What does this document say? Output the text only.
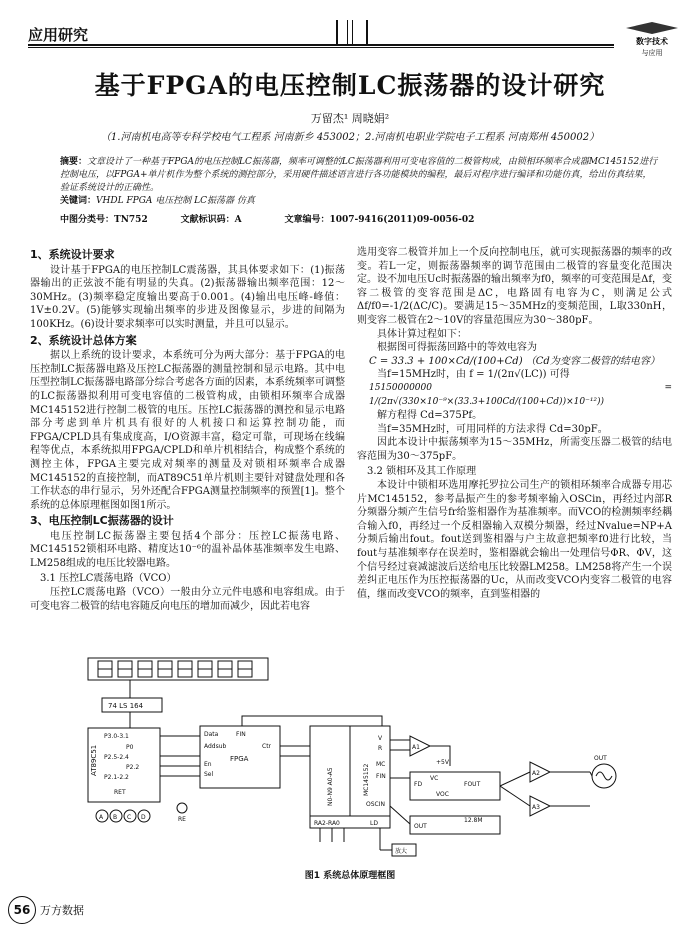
应用研究	数字技术
与应用
基于FPGA的电压控制LC振荡器的设计研究
万留杰¹ 周晓娟²
（1.河南机电高等专科学校电气工程系 河南新乡 453002；2.河南机电职业学院电子工程系 河南郑州 450002）
摘要：文章设计了一种基于FPGA的电压控制LC振荡器，频率可调整的LC振荡器利用可变电容值的二极管构成，由锁相环频率合成器MC145152进行控制电压，以FPGA+单片机作为整个系统的测控部分，采用硬件描述语言进行各功能模块的编程，最后对程序进行编译和功能仿真，给出仿真结果，验证系统设计的正确性。
关键词：VHDL FPGA 电压控制 LC振荡器 仿真
中图分类号：TN752	文献标识码：A	文章编号：1007-9416(2011)09-0056-02
1、系统设计要求

设计基于FPGA的电压控制LC震荡器，其具体要求如下：(1)振荡器输出的正弦波不能有明显的失真。(2)振荡器输出频率范围：12～30MHz。(3)频率稳定度输出要高于0.001。(4)输出电压峰-峰值：1V±0.2V。(5)能够实现输出频率的步进及图像显示，步进的间隔为100KHz。(6)设计要求频率可以实时测量，并且可以显示。

2、系统设计总体方案

据以上系统的设计要求，本系统可分为两大部分：基于FPGA的电压控制LC振荡器电路及压控LC振荡器的测量控制和显示电路。其中电压型控制LC振荡器电路部分综合考虑各方面的因素，本系统频率可调整的LC振荡器拟利用可变电容值的二极管构成，由锁相环频率合成器MC145152进行控制二极管的电压。压控LC振荡器的测控和显示电路部分考虑到单片机具有很好的人机接口和运算控制功能，而FPGA/CPLD具有集成度高，I/O资源丰富，稳定可靠，可现场在线编程等优点，本系统拟用FPGA/CPLD和单片机相结合，构成整个系统的测控主体，FPGA主要完成对频率的测量及对锁相环频率合成器MC145152的直接控制，而AT89C51单片机则主要针对键盘处理和各工作状态的串行显示，另外还配合FPGA测量控制频率的预置[1]。整个系统的总体原理框图如图1所示。

3、电压控制LC振荡器的设计

电压控制LC振荡器主要包括4个部分：压控LC振荡电路、MC145152锁相环电路、精度达10⁻⁶的温补晶体基准频率发生电路、LM258组成的电压比较器电路。

3.1 压控LC震荡电路（VCO）

压控LC震荡电路（VCO）一般由分立元件电感和电容组成。由于可变电容二极管的结电容随反向电压的增加而减少，因此若电容

选用变容二极管并加上一个反向控制电压，就可实现振荡器的频率的改变。若L一定，则振荡器频率的调节范围由二极管的容量变化范围决定。设不加电压Uc时振荡器的输出频率为f0，频率的可变范围是Δf，变容二极管的变容范围是ΔC，电路固有电容为C，则满足公式Δf/f0=-1/2(ΔC/C)。要满足15～35MHz的变频范围，L取330nH，则变容二极管在2～10V的容量范围应为30～380pF。

具体计算过程如下：

根据图可得振荡回路中的等效电容为

C = 33.3 + 100×Cd/(100+Cd) （Cd为变容二极管的结电容）

当f=15MHz时，由 f = 1/(2π√(LC)) 可得

15150000000 = 1/(2π√(330×10⁻⁹×(33.3+100Cd/(100+Cd))×10⁻¹²))

解方程得 Cd=375Pf。

当f=35MHz时，可用同样的方法求得 Cd=30pF。

因此本设计中振荡频率为15～35MHz，所需变压器二极管的结电容范围为30～375pF。

3.2 锁相环及其工作原理

本设计中锁相环选用摩托罗拉公司生产的锁相环频率合成器专用芯片MC145152，参考晶振产生的参考频率输入OSCin，再经过内部R分频器分频产生信号fr给鉴相器作为基准频率。而VCO的检测频率经耦合输入f0，再经过一个反相器输入双模分频器，经过Nvalue=NP+A分频后输出fout。fout送到鉴相器与户主故意把频率f0进行比较，当fout与基准频率存在误差时，鉴相器就会输出一处理信号ΦR、ΦV，这个信号经过衰减滤波后送给电压比较器LM258。LM258将产生一个误差纠正电压作为压控振荡器的Uc，从而改变VCO内变容二极管的电容值，继而改变VCO的频率，直到鉴相器的

74 LS 164
AT89C51
P3.0-3.1
P0
P2.5-2.4
P2.2
P2.1-2.2
RET
A B C D	RE
Data
Addsub
En
Sel
FPGA
FIN
Ctr
N0-N9 A0-A5	MC145152
V
R
MC
FIN
OSCIN
RA2-RA0	LD
A1
A2
A3
+5V
FD
VC
FOUT
VOC
OUT
OUT
12.8M
放大
图1 系统总体原理框图
56 万方数据
